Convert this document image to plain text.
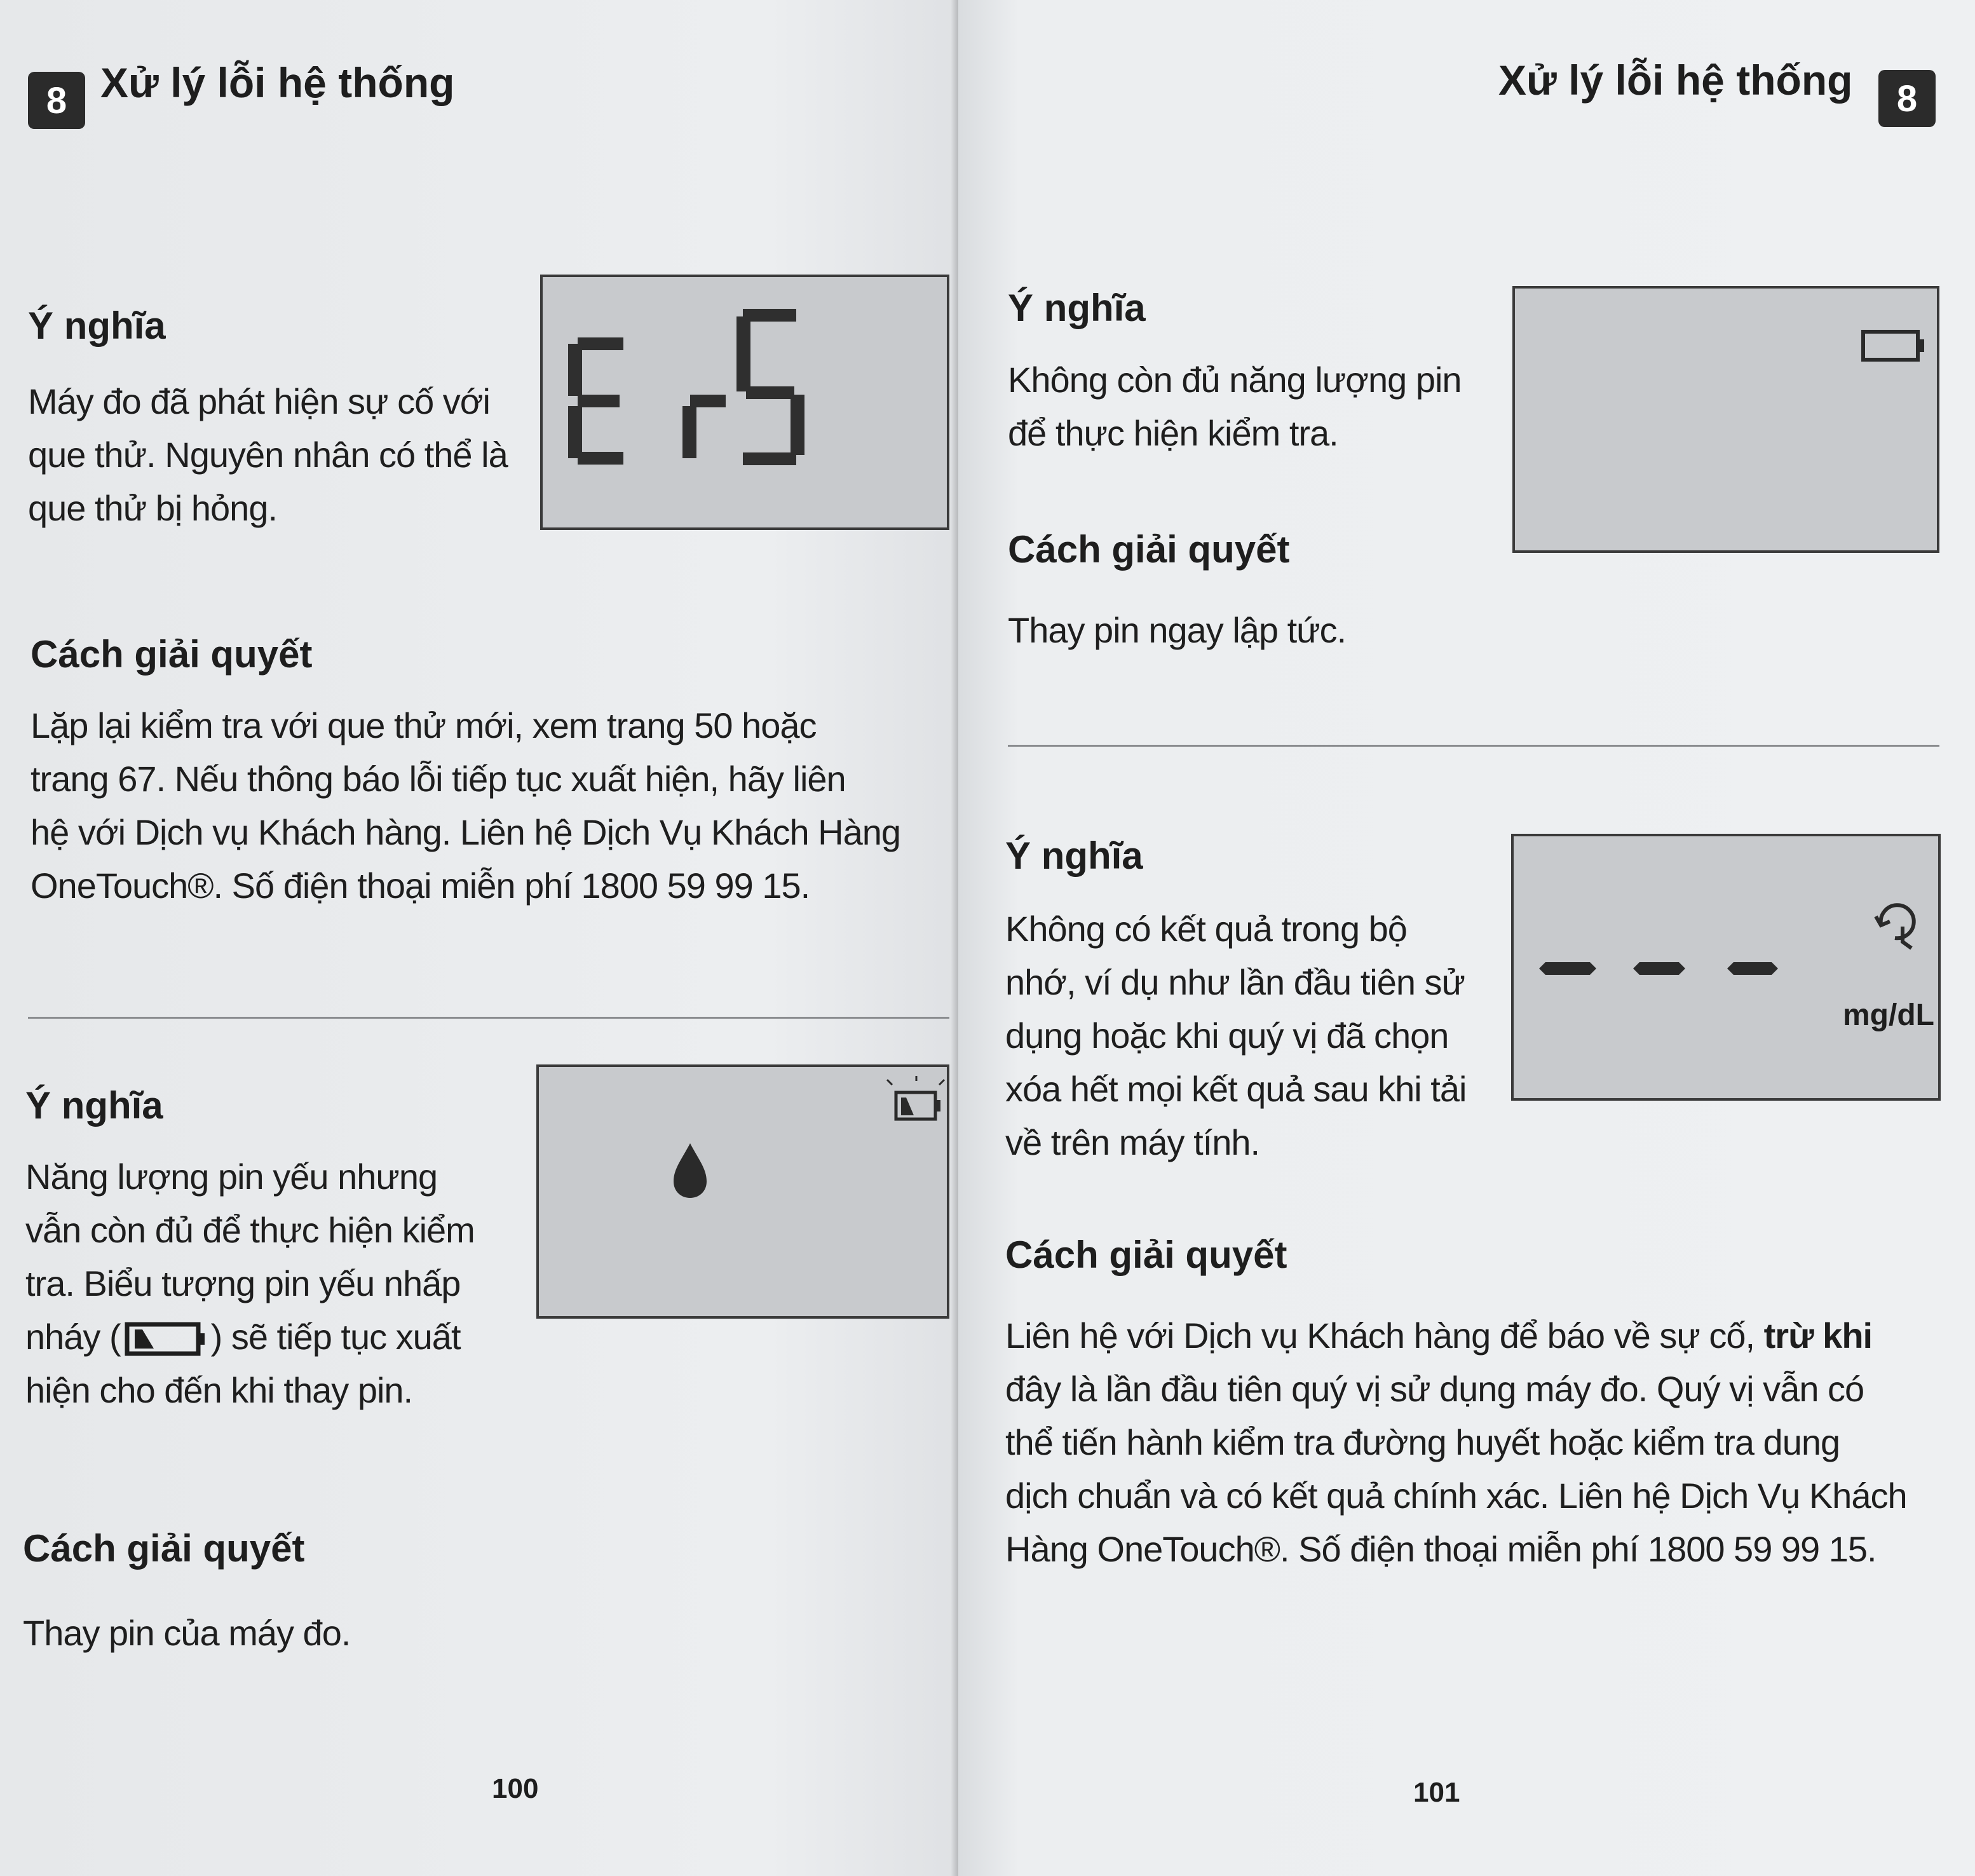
8 Xử lý lỗi hệ thống
Ý nghĩa
Máy đo đã phát hiện sự cố với
que thử. Nguyên nhân có thể là
que thử bị hỏng.
Cách giải quyết
Lặp lại kiểm tra với que thử mới, xem trang 50 hoặc
trang 67. Nếu thông báo lỗi tiếp tục xuất hiện, hãy liên
hệ với Dịch vụ Khách hàng. Liên hệ Dịch Vụ Khách Hàng
OneTouch®. Số điện thoại miễn phí 1800 59 99 15.
Ý nghĩa
Năng lượng pin yếu nhưng
vẫn còn đủ để thực hiện kiểm
tra. Biểu tượng pin yếu nhấp
nháy (	) sẽ tiếp tục xuất
hiện cho đến khi thay pin.
Cách giải quyết
Thay pin của máy đo.
100
Xử lý lỗi hệ thống 8
Ý nghĩa
Không còn đủ năng lượng pin
để thực hiện kiểm tra.
Cách giải quyết
Thay pin ngay lập tức.
Ý nghĩa
Không có kết quả trong bộ
nhớ, ví dụ như lần đầu tiên sử
dụng hoặc khi quý vị đã chọn
xóa hết mọi kết quả sau khi tải
về trên máy tính.
mg/dL
Cách giải quyết
Liên hệ với Dịch vụ Khách hàng để báo về sự cố, trừ khi
đây là lần đầu tiên quý vị sử dụng máy đo. Quý vị vẫn có
thể tiến hành kiểm tra đường huyết hoặc kiểm tra dung
dịch chuẩn và có kết quả chính xác. Liên hệ Dịch Vụ Khách
Hàng OneTouch®. Số điện thoại miễn phí 1800 59 99 15.
101
